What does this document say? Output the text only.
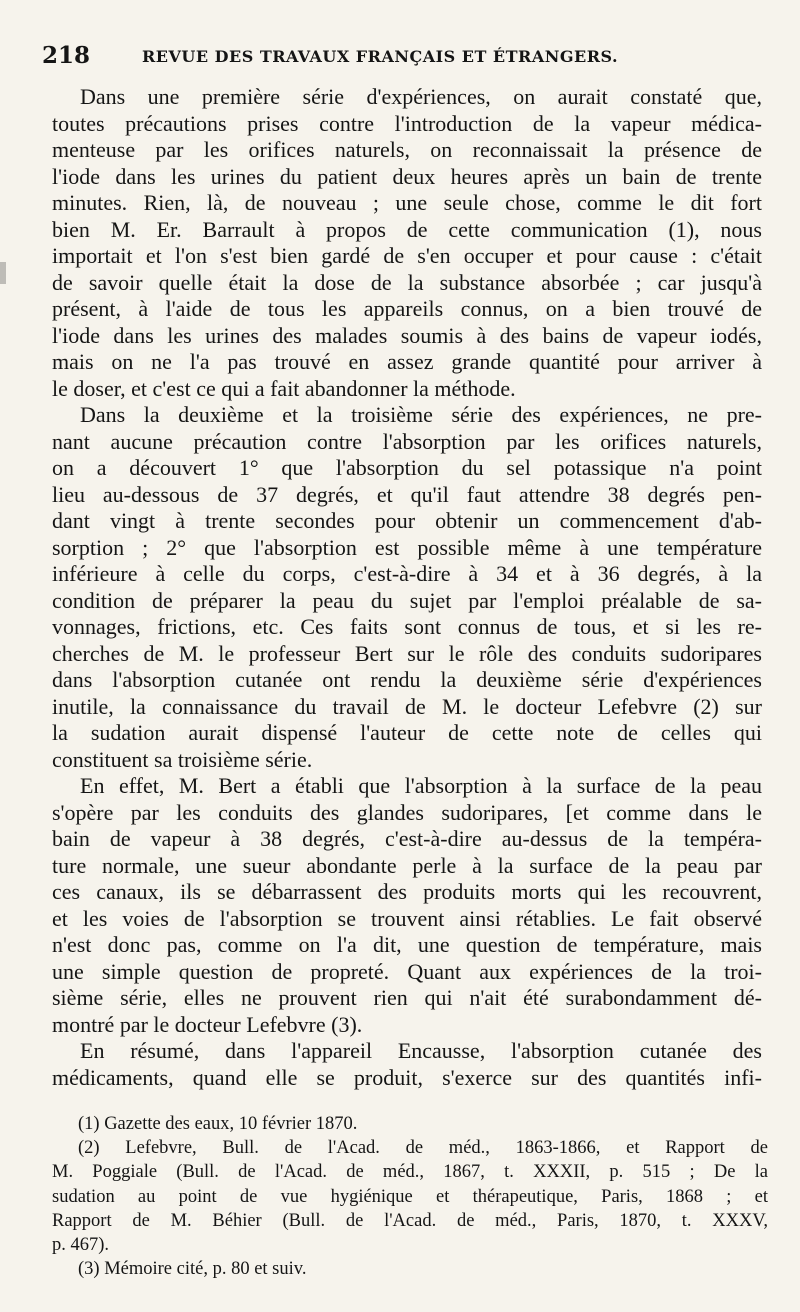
218	REVUE DES TRAVAUX FRANÇAIS ET ÉTRANGERS.
Dans une première série d'expériences, on aurait constaté que,
toutes précautions prises contre l'introduction de la vapeur médica-
menteuse par les orifices naturels, on reconnaissait la présence de
l'iode dans les urines du patient deux heures après un bain de trente
minutes. Rien, là, de nouveau ; une seule chose, comme le dit fort
bien M. Er. Barrault à propos de cette communication (1), nous
importait et l'on s'est bien gardé de s'en occuper et pour cause : c'était
de savoir quelle était la dose de la substance absorbée ; car jusqu'à
présent, à l'aide de tous les appareils connus, on a bien trouvé de
l'iode dans les urines des malades soumis à des bains de vapeur iodés,
mais on ne l'a pas trouvé en assez grande quantité pour arriver à
le doser, et c'est ce qui a fait abandonner la méthode.
Dans la deuxième et la troisième série des expériences, ne pre-
nant aucune précaution contre l'absorption par les orifices naturels,
on a découvert 1° que l'absorption du sel potassique n'a point
lieu au-dessous de 37 degrés, et qu'il faut attendre 38 degrés pen-
dant vingt à trente secondes pour obtenir un commencement d'ab-
sorption ; 2° que l'absorption est possible même à une température
inférieure à celle du corps, c'est-à-dire à 34 et à 36 degrés, à la
condition de préparer la peau du sujet par l'emploi préalable de sa-
vonnages, frictions, etc. Ces faits sont connus de tous, et si les re-
cherches de M. le professeur Bert sur le rôle des conduits sudoripares
dans l'absorption cutanée ont rendu la deuxième série d'expériences
inutile, la connaissance du travail de M. le docteur Lefebvre (2) sur
la sudation aurait dispensé l'auteur de cette note de celles qui
constituent sa troisième série.
En effet, M. Bert a établi que l'absorption à la surface de la peau
s'opère par les conduits des glandes sudoripares, [et comme dans le
bain de vapeur à 38 degrés, c'est-à-dire au-dessus de la tempéra-
ture normale, une sueur abondante perle à la surface de la peau par
ces canaux, ils se débarrassent des produits morts qui les recouvrent,
et les voies de l'absorption se trouvent ainsi rétablies. Le fait observé
n'est donc pas, comme on l'a dit, une question de température, mais
une simple question de propreté. Quant aux expériences de la troi-
sième série, elles ne prouvent rien qui n'ait été surabondamment dé-
montré par le docteur Lefebvre (3).
En résumé, dans l'appareil Encausse, l'absorption cutanée des
médicaments, quand elle se produit, s'exerce sur des quantités infi-
(1) Gazette des eaux, 10 février 1870.
(2) Lefebvre, Bull. de l'Acad. de méd., 1863-1866, et Rapport de
M. Poggiale (Bull. de l'Acad. de méd., 1867, t. XXXII, p. 515 ; De la
sudation au point de vue hygiénique et thérapeutique, Paris, 1868 ; et
Rapport de M. Béhier (Bull. de l'Acad. de méd., Paris, 1870, t. XXXV,
p. 467).
(3) Mémoire cité, p. 80 et suiv.
